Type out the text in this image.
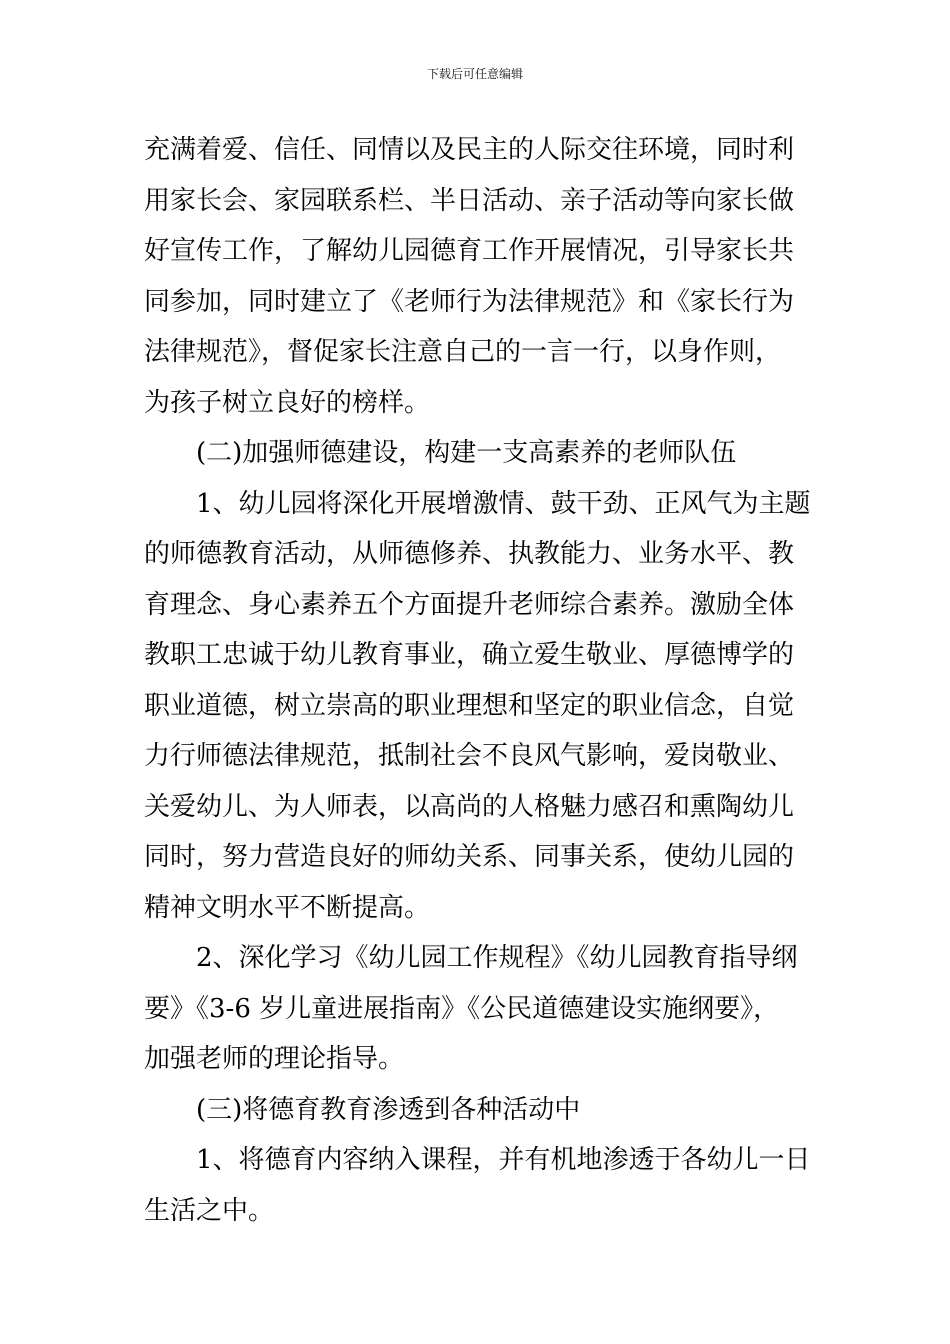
下载后可任意编辑
充满着爱、信任、同情以及民主的人际交往环境，同时利
用家长会、家园联系栏、半日活动、亲子活动等向家长做
好宣传工作，了解幼儿园德育工作开展情况，引导家长共
同参加，同时建立了《老师行为法律规范》和《家长行为
法律规范》，督促家长注意自己的一言一行，以身作则，
为孩子树立良好的榜样。
(二)加强师德建设，构建一支高素养的老师队伍
1、幼儿园将深化开展增激情、鼓干劲、正风气为主题
的师德教育活动，从师德修养、执教能力、业务水平、教
育理念、身心素养五个方面提升老师综合素养。激励全体
教职工忠诚于幼儿教育事业，确立爱生敬业、厚德博学的
职业道德，树立崇高的职业理想和坚定的职业信念，自觉
力行师德法律规范，抵制社会不良风气影响，爱岗敬业、
关爱幼儿、为人师表，以高尚的人格魅力感召和熏陶幼儿
同时，努力营造良好的师幼关系、同事关系，使幼儿园的
精神文明水平不断提高。
2、深化学习《幼儿园工作规程》《幼儿园教育指导纲
要》《3-6 岁儿童进展指南》《公民道德建设实施纲要》，
加强老师的理论指导。
(三)将德育教育渗透到各种活动中
1、将德育内容纳入课程，并有机地渗透于各幼儿一日
生活之中。
